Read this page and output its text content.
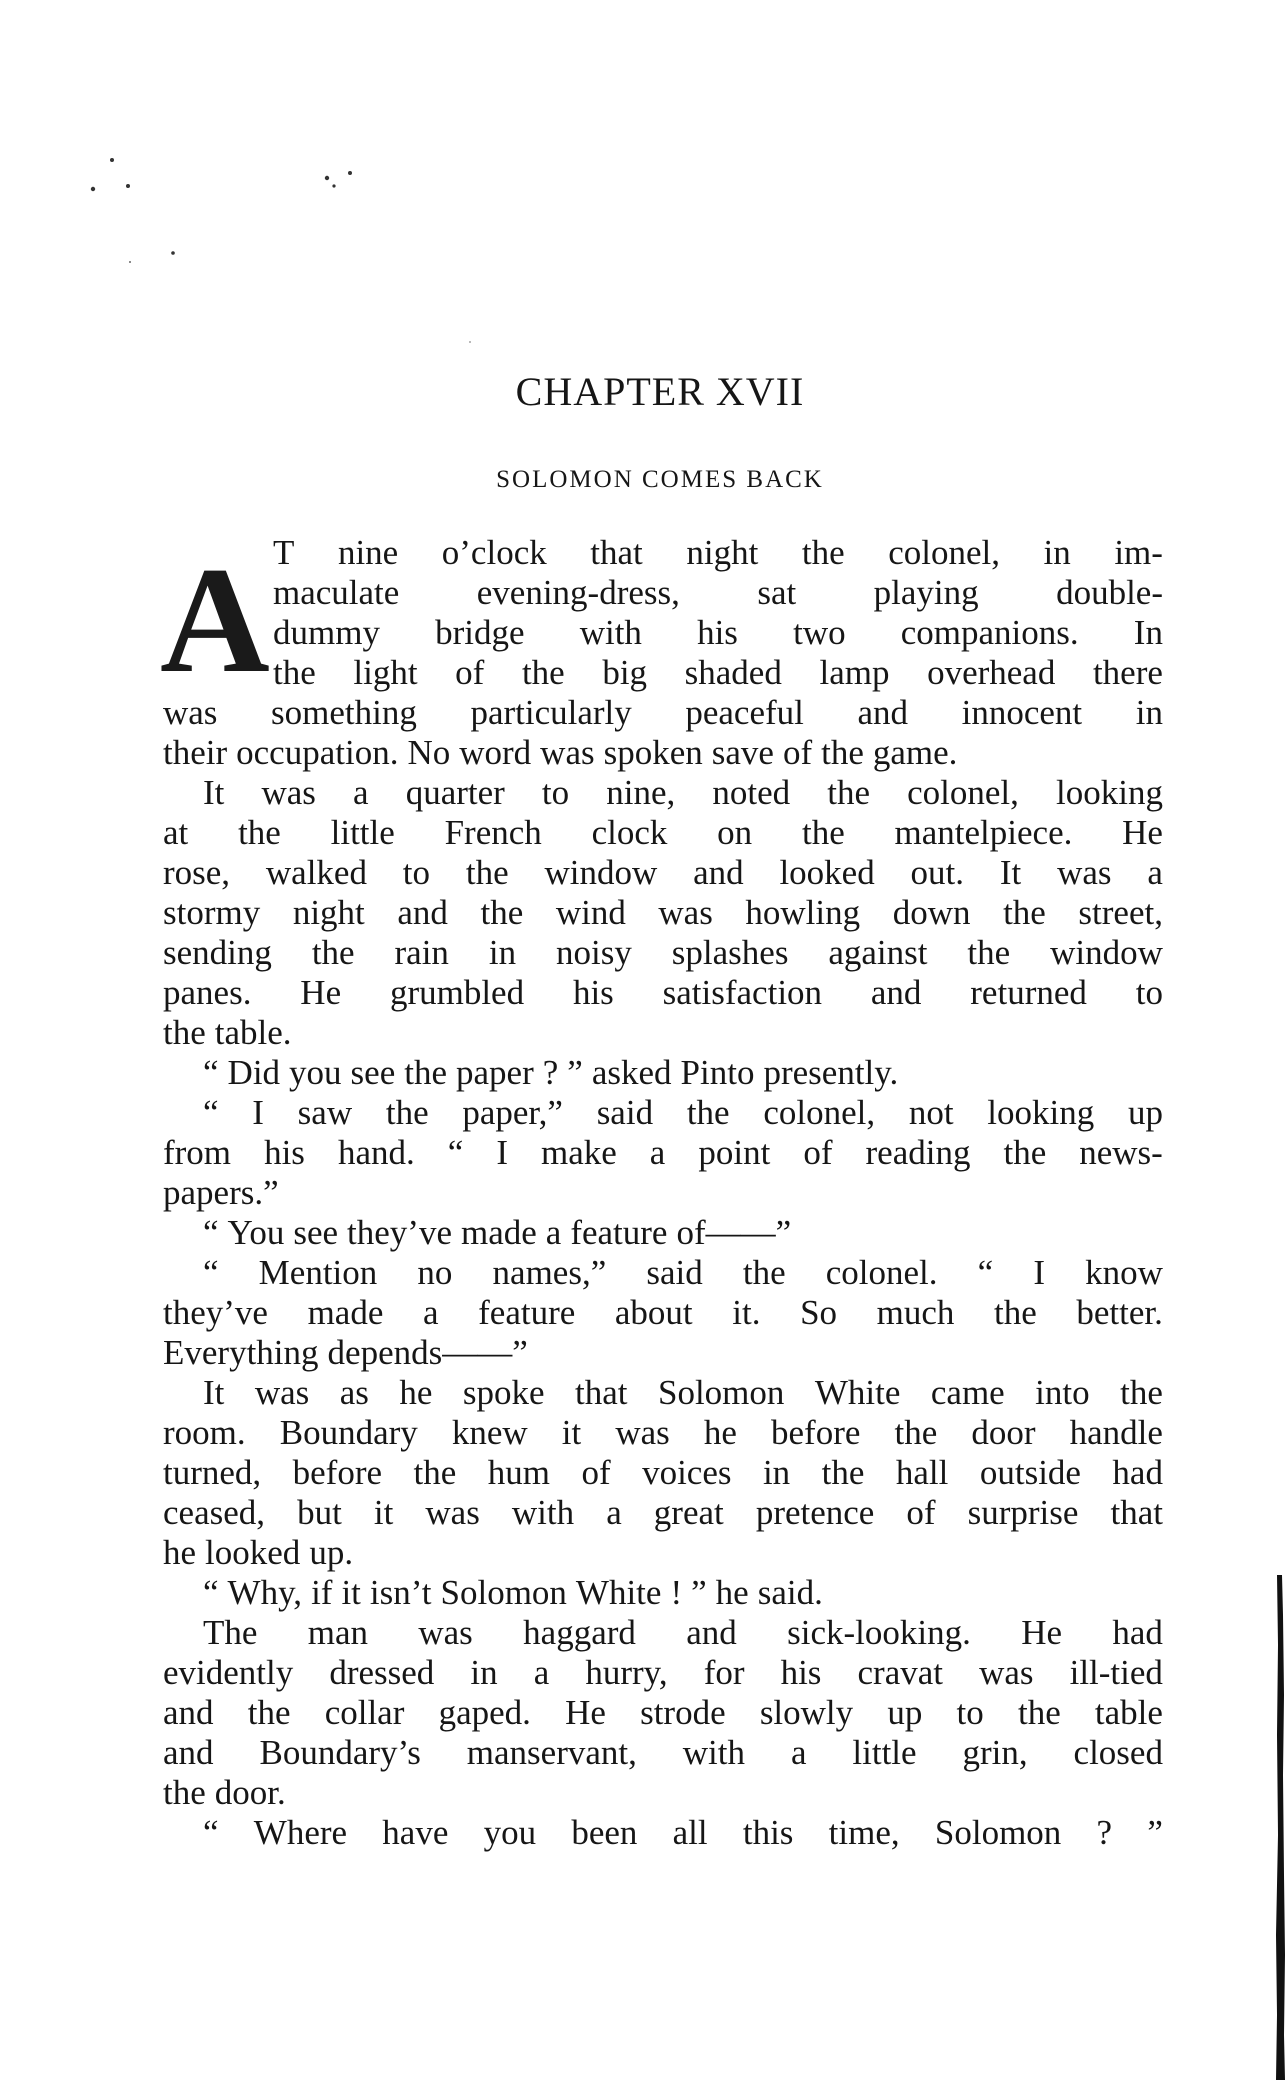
CHAPTER XVII
SOLOMON COMES BACK
A T nine o’clock that night the colonel, in im-
maculate evening-dress, sat playing double-
dummy bridge with his two companions. In
the light of the big shaded lamp overhead there
was something particularly peaceful and innocent in
their occupation. No word was spoken save of the game.
It was a quarter to nine, noted the colonel, looking
at the little French clock on the mantelpiece. He
rose, walked to the window and looked out. It was a
stormy night and the wind was howling down the street,
sending the rain in noisy splashes against the window
panes. He grumbled his satisfaction and returned to
the table.
“ Did you see the paper ? ” asked Pinto presently.
“ I saw the paper,” said the colonel, not looking up
from his hand. “ I make a point of reading the news-
papers.”
“ You see they’ve made a feature of——”
“ Mention no names,” said the colonel. “ I know
they’ve made a feature about it. So much the better.
Everything depends——”
It was as he spoke that Solomon White came into the
room. Boundary knew it was he before the door handle
turned, before the hum of voices in the hall outside had
ceased, but it was with a great pretence of surprise that
he looked up.
“ Why, if it isn’t Solomon White ! ” he said.
The man was haggard and sick-looking. He had
evidently dressed in a hurry, for his cravat was ill-tied
and the collar gaped. He strode slowly up to the table
and Boundary’s manservant, with a little grin, closed
the door.
“ Where have you been all this time, Solomon ? ”
